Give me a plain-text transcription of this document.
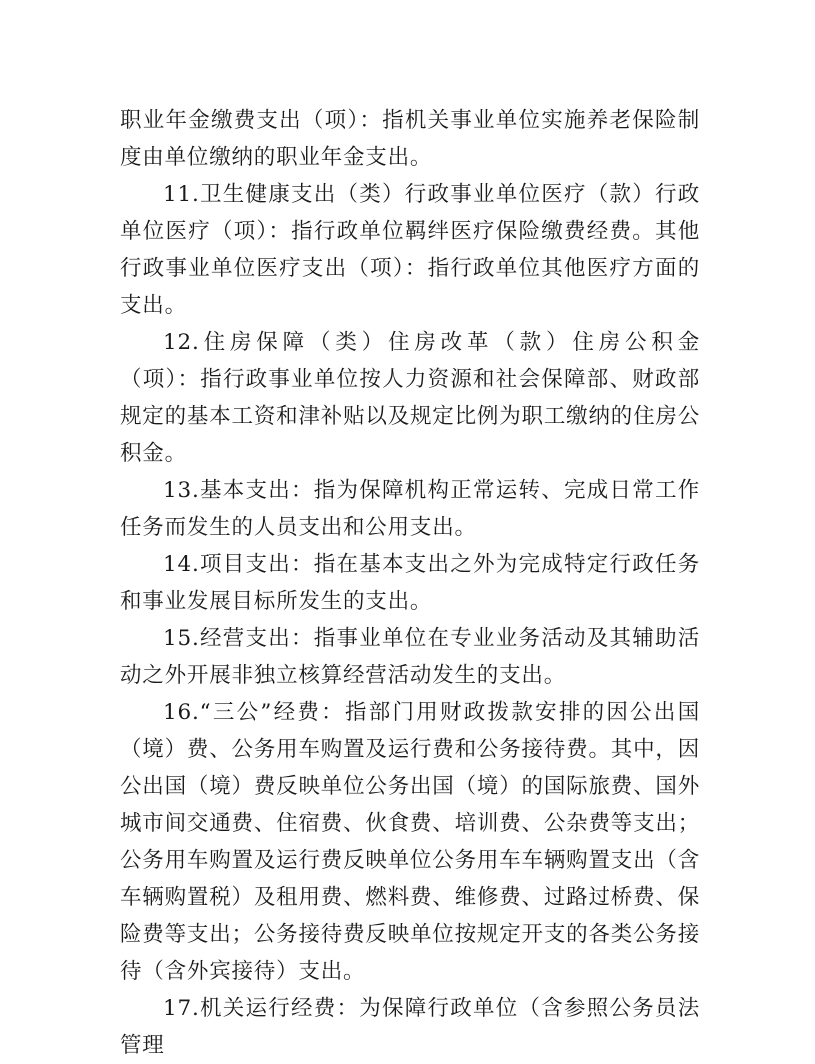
职业年金缴费支出（项）：指机关事业单位实施养老保险制度由单位缴纳的职业年金支出。

11.卫生健康支出（类）行政事业单位医疗（款）行政单位医疗（项）：指行政单位羁绊医疗保险缴费经费。其他行政事业单位医疗支出（项）：指行政单位其他医疗方面的支出。

12.住房保障（类）住房改革（款）住房公积金（项）：指行政事业单位按人力资源和社会保障部、财政部规定的基本工资和津补贴以及规定比例为职工缴纳的住房公积金。

13.基本支出：指为保障机构正常运转、完成日常工作任务而发生的人员支出和公用支出。

14.项目支出：指在基本支出之外为完成特定行政任务和事业发展目标所发生的支出。

15.经营支出：指事业单位在专业业务活动及其辅助活动之外开展非独立核算经营活动发生的支出。

16.“三公”经费：指部门用财政拨款安排的因公出国（境）费、公务用车购置及运行费和公务接待费。其中，因公出国（境）费反映单位公务出国（境）的国际旅费、国外城市间交通费、住宿费、伙食费、培训费、公杂费等支出；公务用车购置及运行费反映单位公务用车车辆购置支出（含车辆购置税）及租用费、燃料费、维修费、过路过桥费、保险费等支出；公务接待费反映单位按规定开支的各类公务接待（含外宾接待）支出。

17.机关运行经费：为保障行政单位（含参照公务员法管理
